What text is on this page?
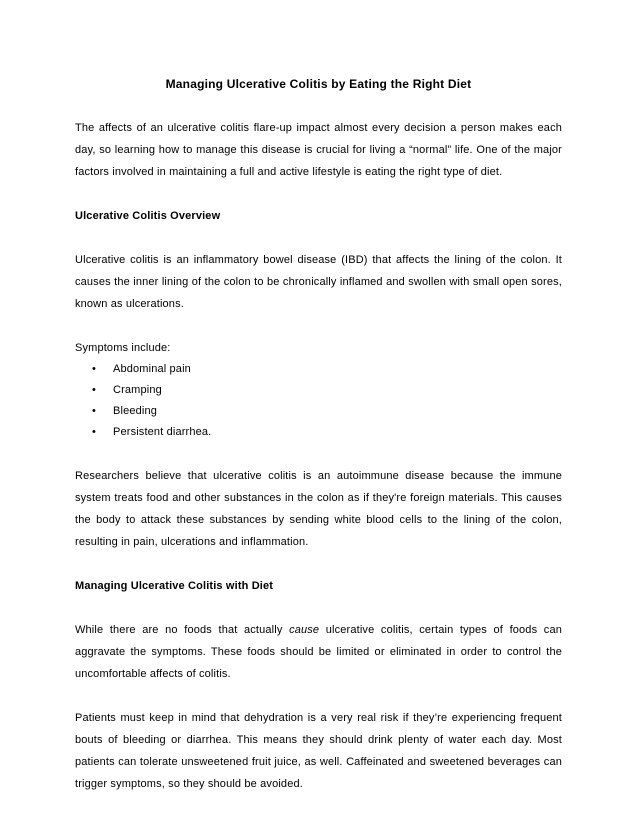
Managing Ulcerative Colitis by Eating the Right Diet

The affects of an ulcerative colitis flare-up impact almost every decision a person makes each day, so learning how to manage this disease is crucial for living a “normal” life. One of the major factors involved in maintaining a full and active lifestyle is eating the right type of diet.

Ulcerative Colitis Overview

Ulcerative colitis is an inflammatory bowel disease (IBD) that affects the lining of the colon. It causes the inner lining of the colon to be chronically inflamed and swollen with small open sores, known as ulcerations.

Symptoms include:

• Abdominal pain
• Cramping
• Bleeding
• Persistent diarrhea.

Researchers believe that ulcerative colitis is an autoimmune disease because the immune system treats food and other substances in the colon as if they're foreign materials. This causes the body to attack these substances by sending white blood cells to the lining of the colon, resulting in pain, ulcerations and inflammation.

Managing Ulcerative Colitis with Diet

While there are no foods that actually cause ulcerative colitis, certain types of foods can aggravate the symptoms. These foods should be limited or eliminated in order to control the uncomfortable affects of colitis.

Patients must keep in mind that dehydration is a very real risk if they’re experiencing frequent bouts of bleeding or diarrhea. This means they should drink plenty of water each day. Most patients can tolerate unsweetened fruit juice, as well. Caffeinated and sweetened beverages can trigger symptoms, so they should be avoided.
